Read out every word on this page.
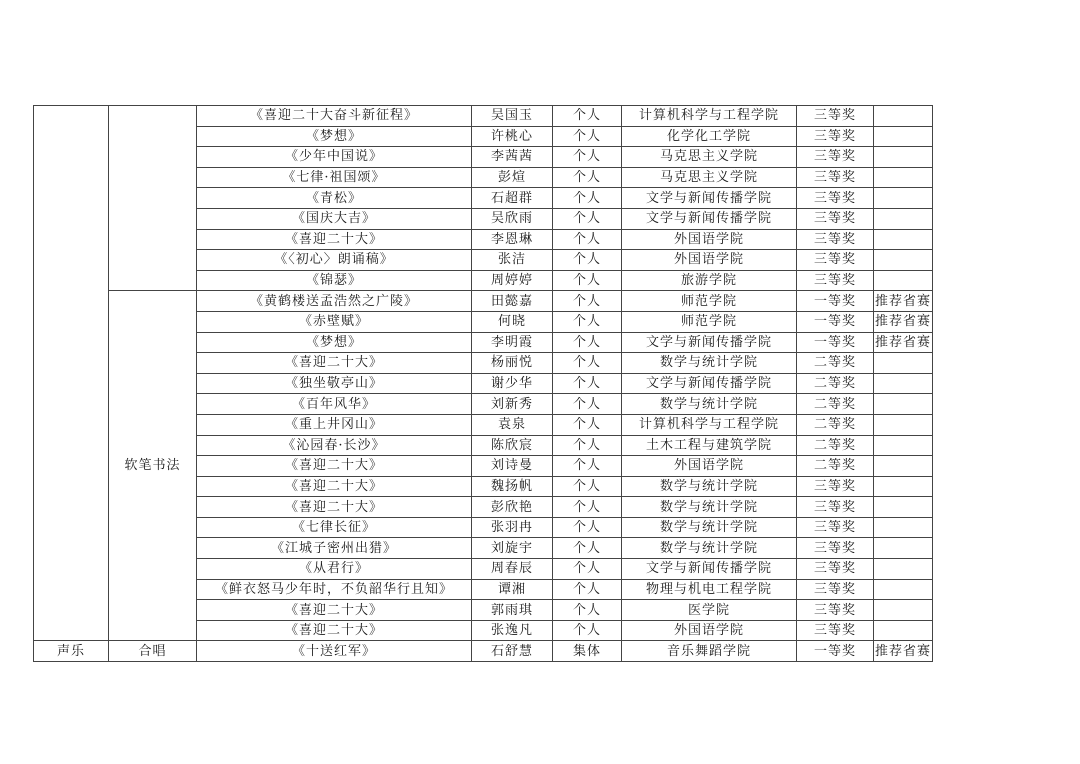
		《喜迎二十大奋斗新征程》	吴国玉	个人	计算机科学与工程学院	三等奖	
		《梦想》	许桃心	个人	化学化工学院	三等奖	
		《少年中国说》	李茜茜	个人	马克思主义学院	三等奖	
		《七律·祖国颂》	彭煊	个人	马克思主义学院	三等奖	
		《青松》	石超群	个人	文学与新闻传播学院	三等奖	
		《国庆大吉》	吴欣雨	个人	文学与新闻传播学院	三等奖	
		《喜迎二十大》	李恩琳	个人	外国语学院	三等奖	
		《〈初心〉朗诵稿》	张洁	个人	外国语学院	三等奖	
		《锦瑟》	周婷婷	个人	旅游学院	三等奖	
	软笔书法	《黄鹤楼送孟浩然之广陵》	田懿嘉	个人	师范学院	一等奖	推荐省赛
		《赤壁赋》	何晓	个人	师范学院	一等奖	推荐省赛
		《梦想》	李明霞	个人	文学与新闻传播学院	一等奖	推荐省赛
		《喜迎二十大》	杨丽悦	个人	数学与统计学院	二等奖	
		《独坐敬亭山》	谢少华	个人	文学与新闻传播学院	二等奖	
		《百年风华》	刘新秀	个人	数学与统计学院	二等奖	
		《重上井冈山》	袁泉	个人	计算机科学与工程学院	二等奖	
		《沁园春·长沙》	陈欣宸	个人	土木工程与建筑学院	二等奖	
		《喜迎二十大》	刘诗曼	个人	外国语学院	二等奖	
		《喜迎二十大》	魏扬帆	个人	数学与统计学院	三等奖	
		《喜迎二十大》	彭欣艳	个人	数学与统计学院	三等奖	
		《七律长征》	张羽冉	个人	数学与统计学院	三等奖	
		《江城子密州出猎》	刘旋宇	个人	数学与统计学院	三等奖	
		《从君行》	周春辰	个人	文学与新闻传播学院	三等奖	
		《鲜衣怒马少年时，不负韶华行且知》	谭湘	个人	物理与机电工程学院	三等奖	
		《喜迎二十大》	郭雨琪	个人	医学院	三等奖	
		《喜迎二十大》	张逸凡	个人	外国语学院	三等奖	
声乐	合唱	《十送红军》	石舒慧	集体	音乐舞蹈学院	一等奖	推荐省赛
